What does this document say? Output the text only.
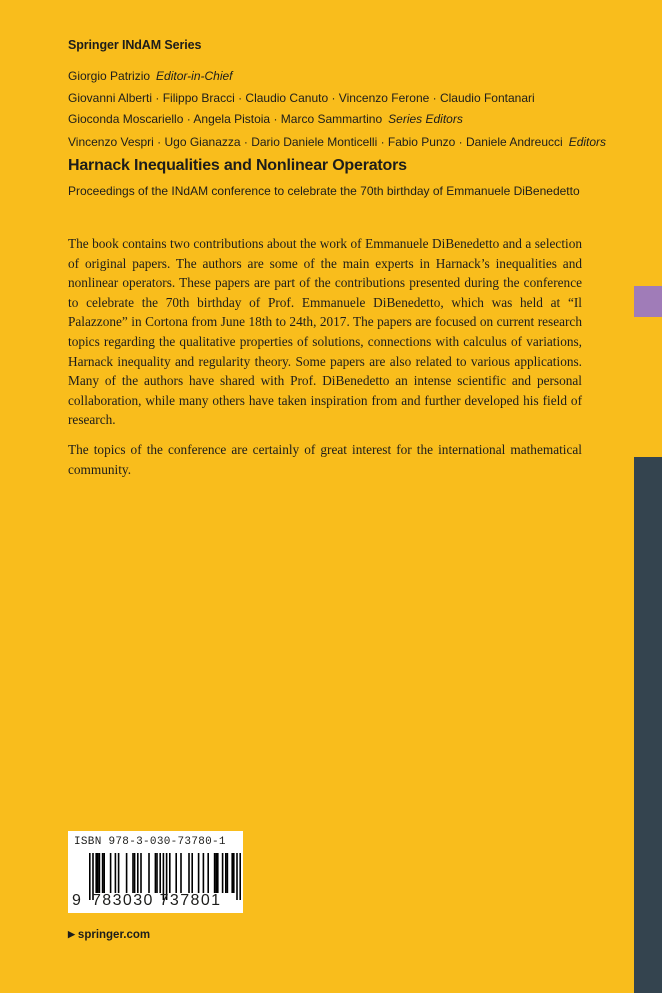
Springer INdAM Series
Giorgio Patrizio Editor-in-Chief
Giovanni Alberti · Filippo Bracci · Claudio Canuto · Vincenzo Ferone · Claudio Fontanari
Gioconda Moscariello · Angela Pistoia · Marco Sammartino Series Editors
Vincenzo Vespri · Ugo Gianazza · Dario Daniele Monticelli · Fabio Punzo · Daniele Andreucci Editors
Harnack Inequalities and Nonlinear Operators
Proceedings of the INdAM conference to celebrate the 70th birthday of Emmanuele DiBenedetto

The book contains two contributions about the work of Emmanuele DiBenedetto and a selection of original papers. The authors are some of the main experts in Harnack’s inequalities and nonlinear operators. These papers are part of the contributions presented during the conference to celebrate the 70th birthday of Prof. Emmanuele DiBenedetto, which was held at “Il Palazzone” in Cortona from June 18th to 24th, 2017. The papers are focused on current research topics regarding the qualitative properties of solutions, connections with calculus of variations, Harnack inequality and regularity theory. Some papers are also related to various applications. Many of the authors have shared with Prof. DiBenedetto an intense scientific and personal collaboration, while many others have taken inspiration from and further developed his field of research.

The topics of the conference are certainly of great interest for the international mathematical community.

ISBN 978-3-030-73780-1
9 783030 737801
▶ springer.com
